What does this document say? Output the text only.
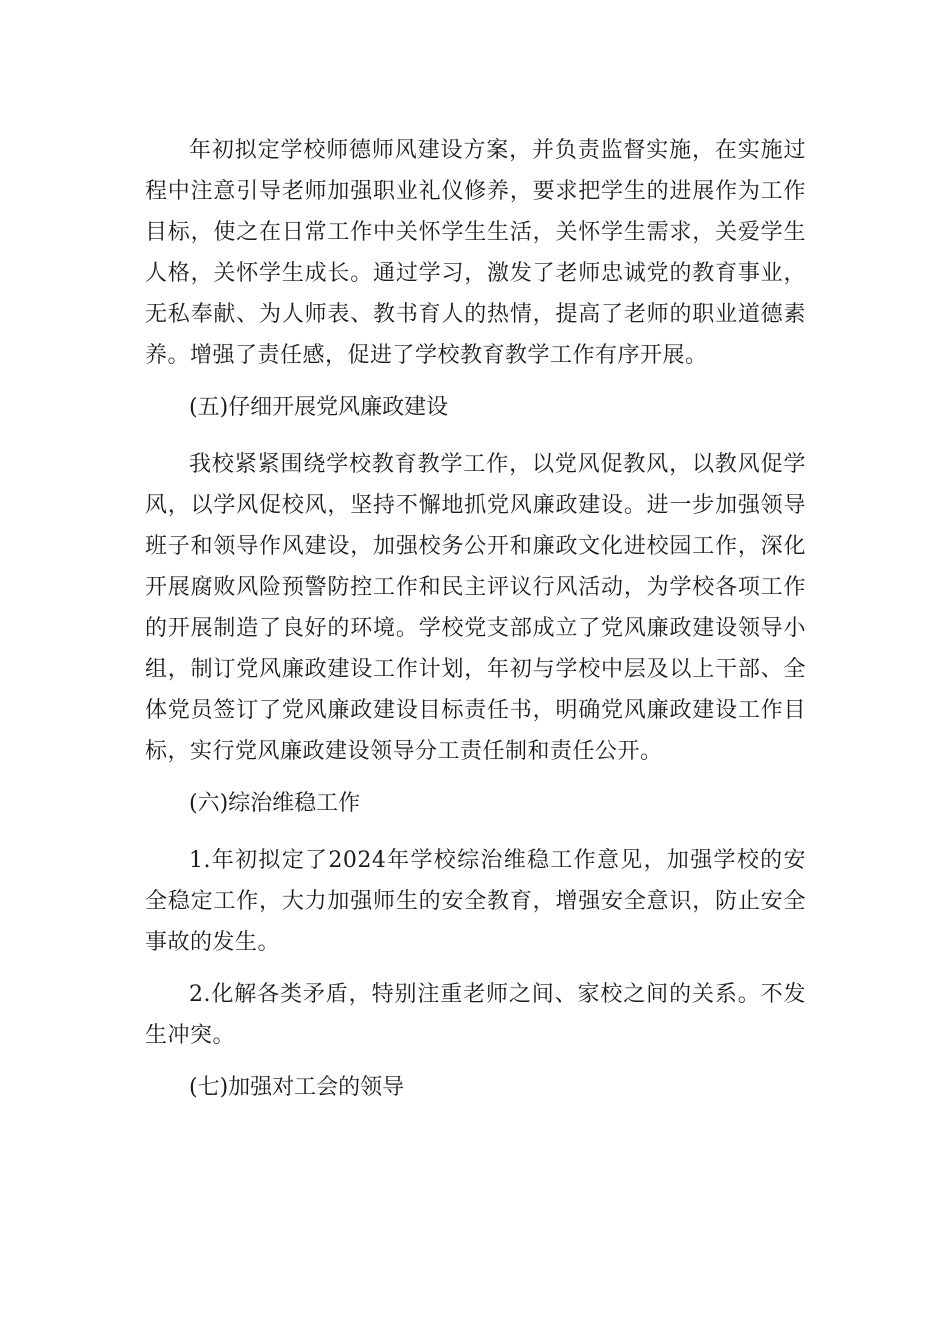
年初拟定学校师德师风建设方案，并负责监督实施，在实施过程中注意引导老师加强职业礼仪修养，要求把学生的进展作为工作目标，使之在日常工作中关怀学生生活，关怀学生需求，关爱学生人格，关怀学生成长。通过学习，激发了老师忠诚党的教育事业，无私奉献、为人师表、教书育人的热情，提高了老师的职业道德素养。增强了责任感，促进了学校教育教学工作有序开展。

(五)仔细开展党风廉政建设

我校紧紧围绕学校教育教学工作，以党风促教风，以教风促学风，以学风促校风，坚持不懈地抓党风廉政建设。进一步加强领导班子和领导作风建设，加强校务公开和廉政文化进校园工作，深化开展腐败风险预警防控工作和民主评议行风活动，为学校各项工作的开展制造了良好的环境。学校党支部成立了党风廉政建设领导小组，制订党风廉政建设工作计划，年初与学校中层及以上干部、全体党员签订了党风廉政建设目标责任书，明确党风廉政建设工作目标，实行党风廉政建设领导分工责任制和责任公开。

(六)综治维稳工作

1.年初拟定了2024年学校综治维稳工作意见，加强学校的安全稳定工作，大力加强师生的安全教育，增强安全意识，防止安全事故的发生。

2.化解各类矛盾，特别注重老师之间、家校之间的关系。不发生冲突。

(七)加强对工会的领导
